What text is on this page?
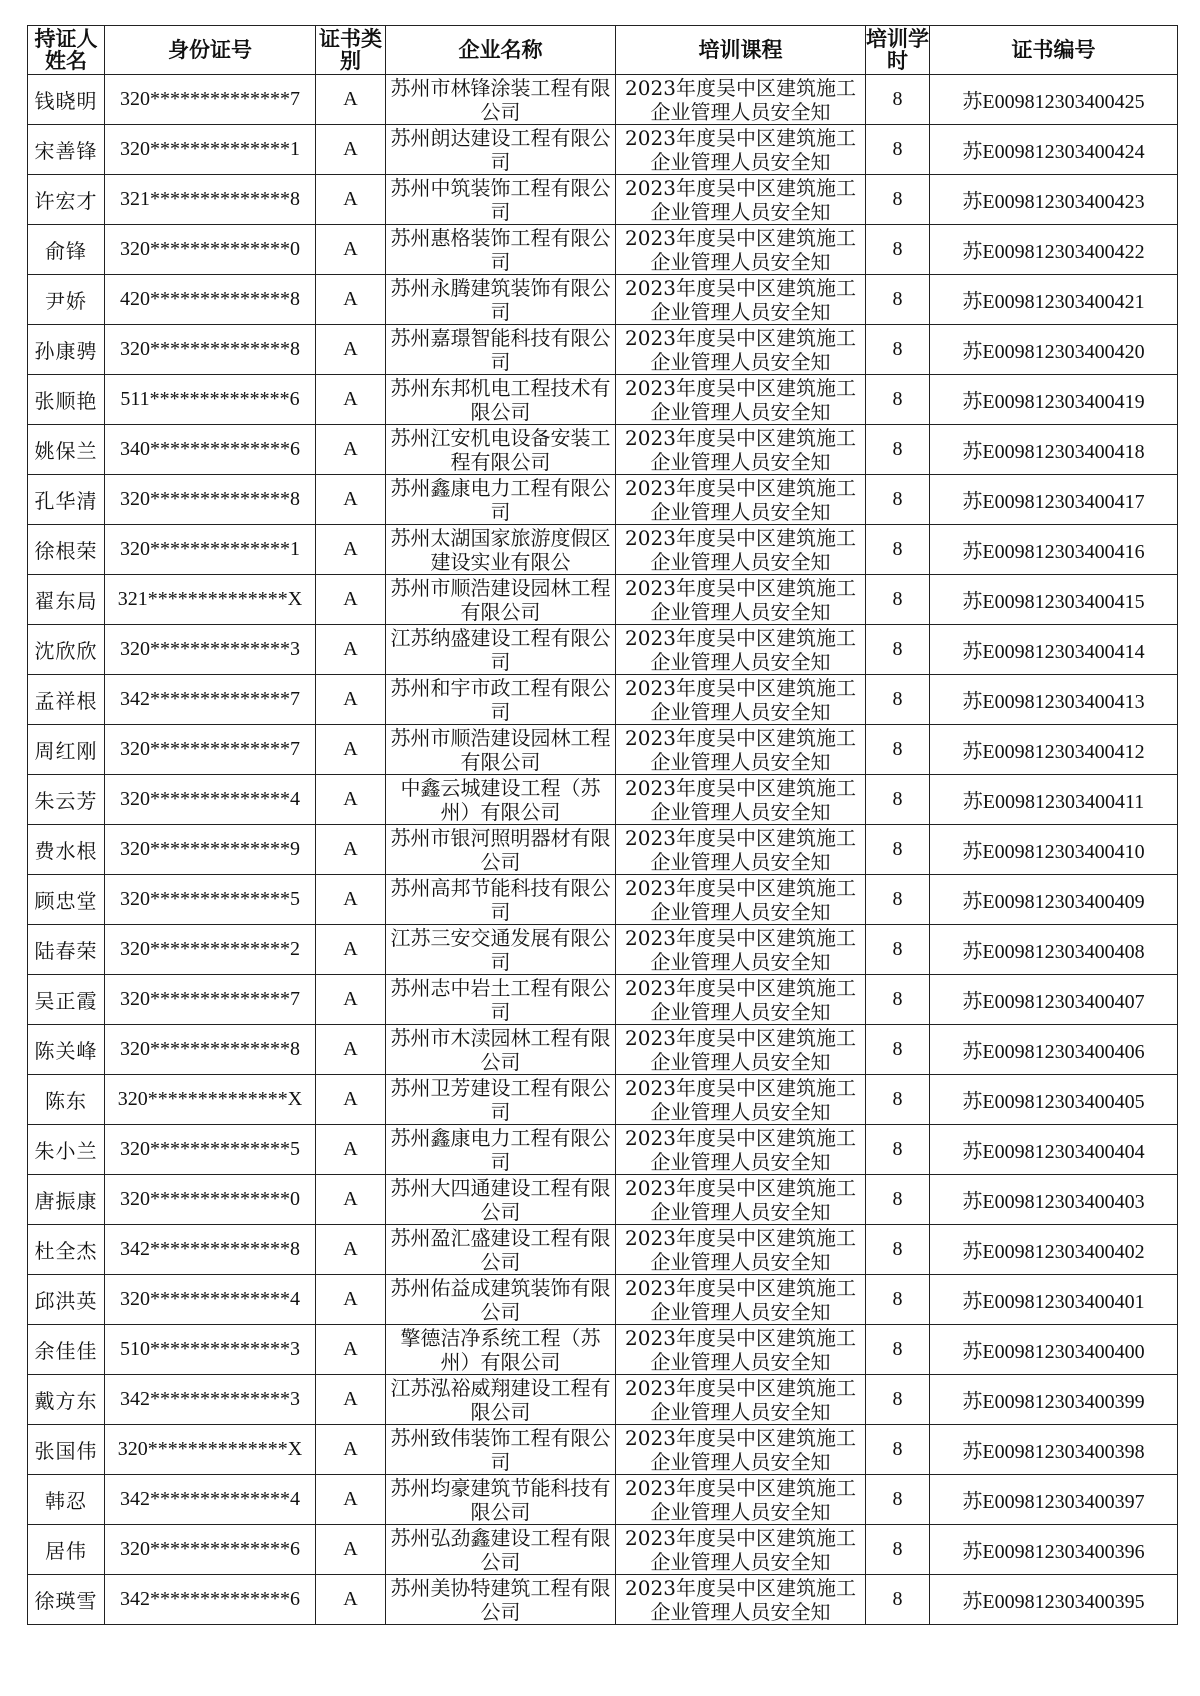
持证人姓名	身份证号	证书类别	企业名称	培训课程	培训学时	证书编号
钱晓明	320**************7	A	苏州市林锋涂装工程有限公司	2023年度吴中区建筑施工企业管理人员安全知	8	苏E009812303400425
宋善锋	320**************1	A	苏州朗达建设工程有限公司	2023年度吴中区建筑施工企业管理人员安全知	8	苏E009812303400424
许宏才	321**************8	A	苏州中筑装饰工程有限公司	2023年度吴中区建筑施工企业管理人员安全知	8	苏E009812303400423
俞锋	320**************0	A	苏州惠格装饰工程有限公司	2023年度吴中区建筑施工企业管理人员安全知	8	苏E009812303400422
尹娇	420**************8	A	苏州永腾建筑装饰有限公司	2023年度吴中区建筑施工企业管理人员安全知	8	苏E009812303400421
孙康骋	320**************8	A	苏州嘉璟智能科技有限公司	2023年度吴中区建筑施工企业管理人员安全知	8	苏E009812303400420
张顺艳	511**************6	A	苏州东邦机电工程技术有限公司	2023年度吴中区建筑施工企业管理人员安全知	8	苏E009812303400419
姚保兰	340**************6	A	苏州江安机电设备安装工程有限公司	2023年度吴中区建筑施工企业管理人员安全知	8	苏E009812303400418
孔华清	320**************8	A	苏州鑫康电力工程有限公司	2023年度吴中区建筑施工企业管理人员安全知	8	苏E009812303400417
徐根荣	320**************1	A	苏州太湖国家旅游度假区建设实业有限公	2023年度吴中区建筑施工企业管理人员安全知	8	苏E009812303400416
翟东局	321**************X	A	苏州市顺浩建设园林工程有限公司	2023年度吴中区建筑施工企业管理人员安全知	8	苏E009812303400415
沈欣欣	320**************3	A	江苏纳盛建设工程有限公司	2023年度吴中区建筑施工企业管理人员安全知	8	苏E009812303400414
孟祥根	342**************7	A	苏州和宇市政工程有限公司	2023年度吴中区建筑施工企业管理人员安全知	8	苏E009812303400413
周红刚	320**************7	A	苏州市顺浩建设园林工程有限公司	2023年度吴中区建筑施工企业管理人员安全知	8	苏E009812303400412
朱云芳	320**************4	A	中鑫云城建设工程（苏州）有限公司	2023年度吴中区建筑施工企业管理人员安全知	8	苏E009812303400411
费水根	320**************9	A	苏州市银河照明器材有限公司	2023年度吴中区建筑施工企业管理人员安全知	8	苏E009812303400410
顾忠堂	320**************5	A	苏州高邦节能科技有限公司	2023年度吴中区建筑施工企业管理人员安全知	8	苏E009812303400409
陆春荣	320**************2	A	江苏三安交通发展有限公司	2023年度吴中区建筑施工企业管理人员安全知	8	苏E009812303400408
吴正霞	320**************7	A	苏州志中岩土工程有限公司	2023年度吴中区建筑施工企业管理人员安全知	8	苏E009812303400407
陈关峰	320**************8	A	苏州市木渎园林工程有限公司	2023年度吴中区建筑施工企业管理人员安全知	8	苏E009812303400406
陈东	320**************X	A	苏州卫芳建设工程有限公司	2023年度吴中区建筑施工企业管理人员安全知	8	苏E009812303400405
朱小兰	320**************5	A	苏州鑫康电力工程有限公司	2023年度吴中区建筑施工企业管理人员安全知	8	苏E009812303400404
唐振康	320**************0	A	苏州大四通建设工程有限公司	2023年度吴中区建筑施工企业管理人员安全知	8	苏E009812303400403
杜全杰	342**************8	A	苏州盈汇盛建设工程有限公司	2023年度吴中区建筑施工企业管理人员安全知	8	苏E009812303400402
邱洪英	320**************4	A	苏州佑益成建筑装饰有限公司	2023年度吴中区建筑施工企业管理人员安全知	8	苏E009812303400401
余佳佳	510**************3	A	擎德洁净系统工程（苏州）有限公司	2023年度吴中区建筑施工企业管理人员安全知	8	苏E009812303400400
戴方东	342**************3	A	江苏泓裕威翔建设工程有限公司	2023年度吴中区建筑施工企业管理人员安全知	8	苏E009812303400399
张国伟	320**************X	A	苏州致伟装饰工程有限公司	2023年度吴中区建筑施工企业管理人员安全知	8	苏E009812303400398
韩忍	342**************4	A	苏州均豪建筑节能科技有限公司	2023年度吴中区建筑施工企业管理人员安全知	8	苏E009812303400397
居伟	320**************6	A	苏州弘劲鑫建设工程有限公司	2023年度吴中区建筑施工企业管理人员安全知	8	苏E009812303400396
徐瑛雪	342**************6	A	苏州美协特建筑工程有限公司	2023年度吴中区建筑施工企业管理人员安全知	8	苏E009812303400395
